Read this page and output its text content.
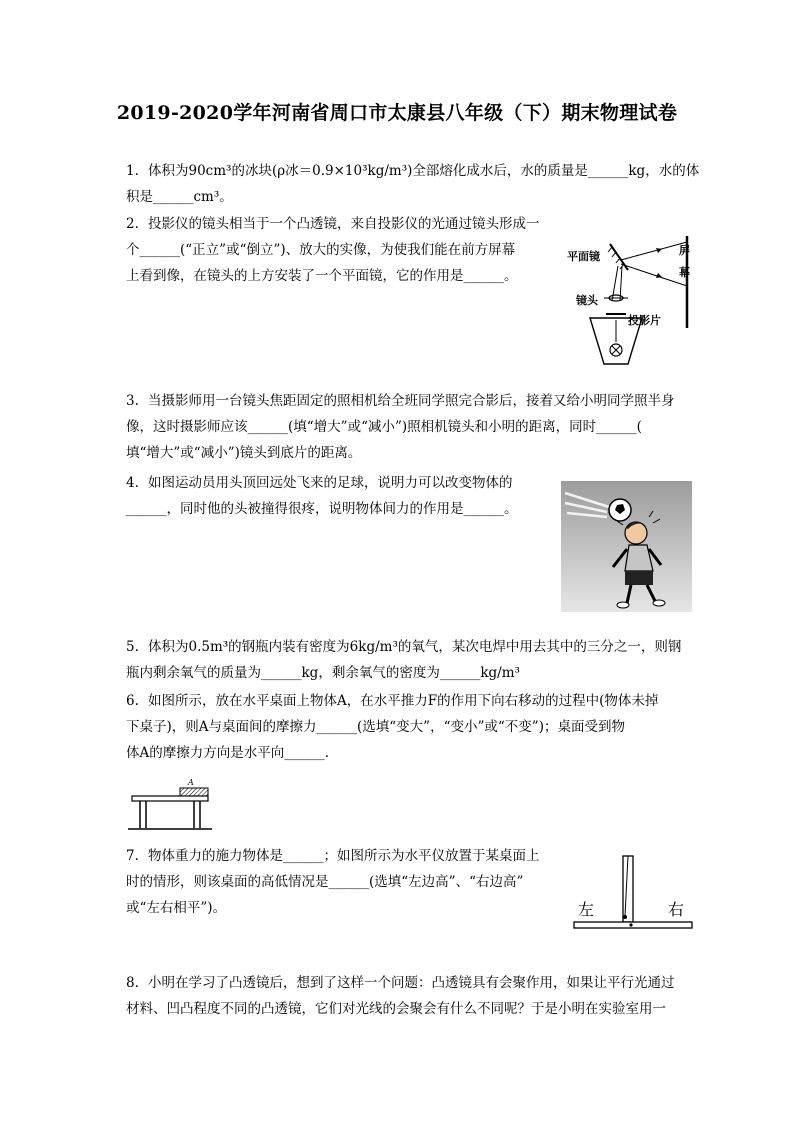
2019-2020学年河南省周口市太康县八年级（下）期末物理试卷
1. 体积为90cm³的冰块(ρ冰＝0.9×10³kg/m³)全部熔化成水后，水的质量是______kg，水的体
积是______cm³。
2. 投影仪的镜头相当于一个凸透镜，来自投影仪的光通过镜头形成一
个______(“正立”或“倒立”)、放大的实像，为使我们能在前方屏幕
上看到像，在镜头的上方安装了一个平面镜，它的作用是______。
平面镜	屏 幕
镜头
投影片
3. 当摄影师用一台镜头焦距固定的照相机给全班同学照完合影后，接着又给小明同学照半身
像，这时摄影师应该______(填“增大”或“减小”)照相机镜头和小明的距离，同时______(
填“增大”或“减小”)镜头到底片的距离。
4. 如图运动员用头顶回远处飞来的足球，说明力可以改变物体的
______，同时他的头被撞得很疼，说明物体间力的作用是______。
5. 体积为0.5m³的钢瓶内装有密度为6kg/m³的氧气，某次电焊中用去其中的三分之一，则钢
瓶内剩余氧气的质量为______kg，剩余氧气的密度为______kg/m³
6. 如图所示，放在水平桌面上物体A，在水平推力F的作用下向右移动的过程中(物体未掉
下桌子)，则A与桌面间的摩擦力______(选填“变大”，“变小”或“不变”)；桌面受到物
体A的摩擦力方向是水平向______.
A
7. 物体重力的施力物体是______；如图所示为水平仪放置于某桌面上
时的情形，则该桌面的高低情况是______(选填“左边高”、“右边高”
或“左右相平”)。	左	右
8. 小明在学习了凸透镜后，想到了这样一个问题：凸透镜具有会聚作用，如果让平行光通过
材料、凹凸程度不同的凸透镜，它们对光线的会聚会有什么不同呢？于是小明在实验室用一
